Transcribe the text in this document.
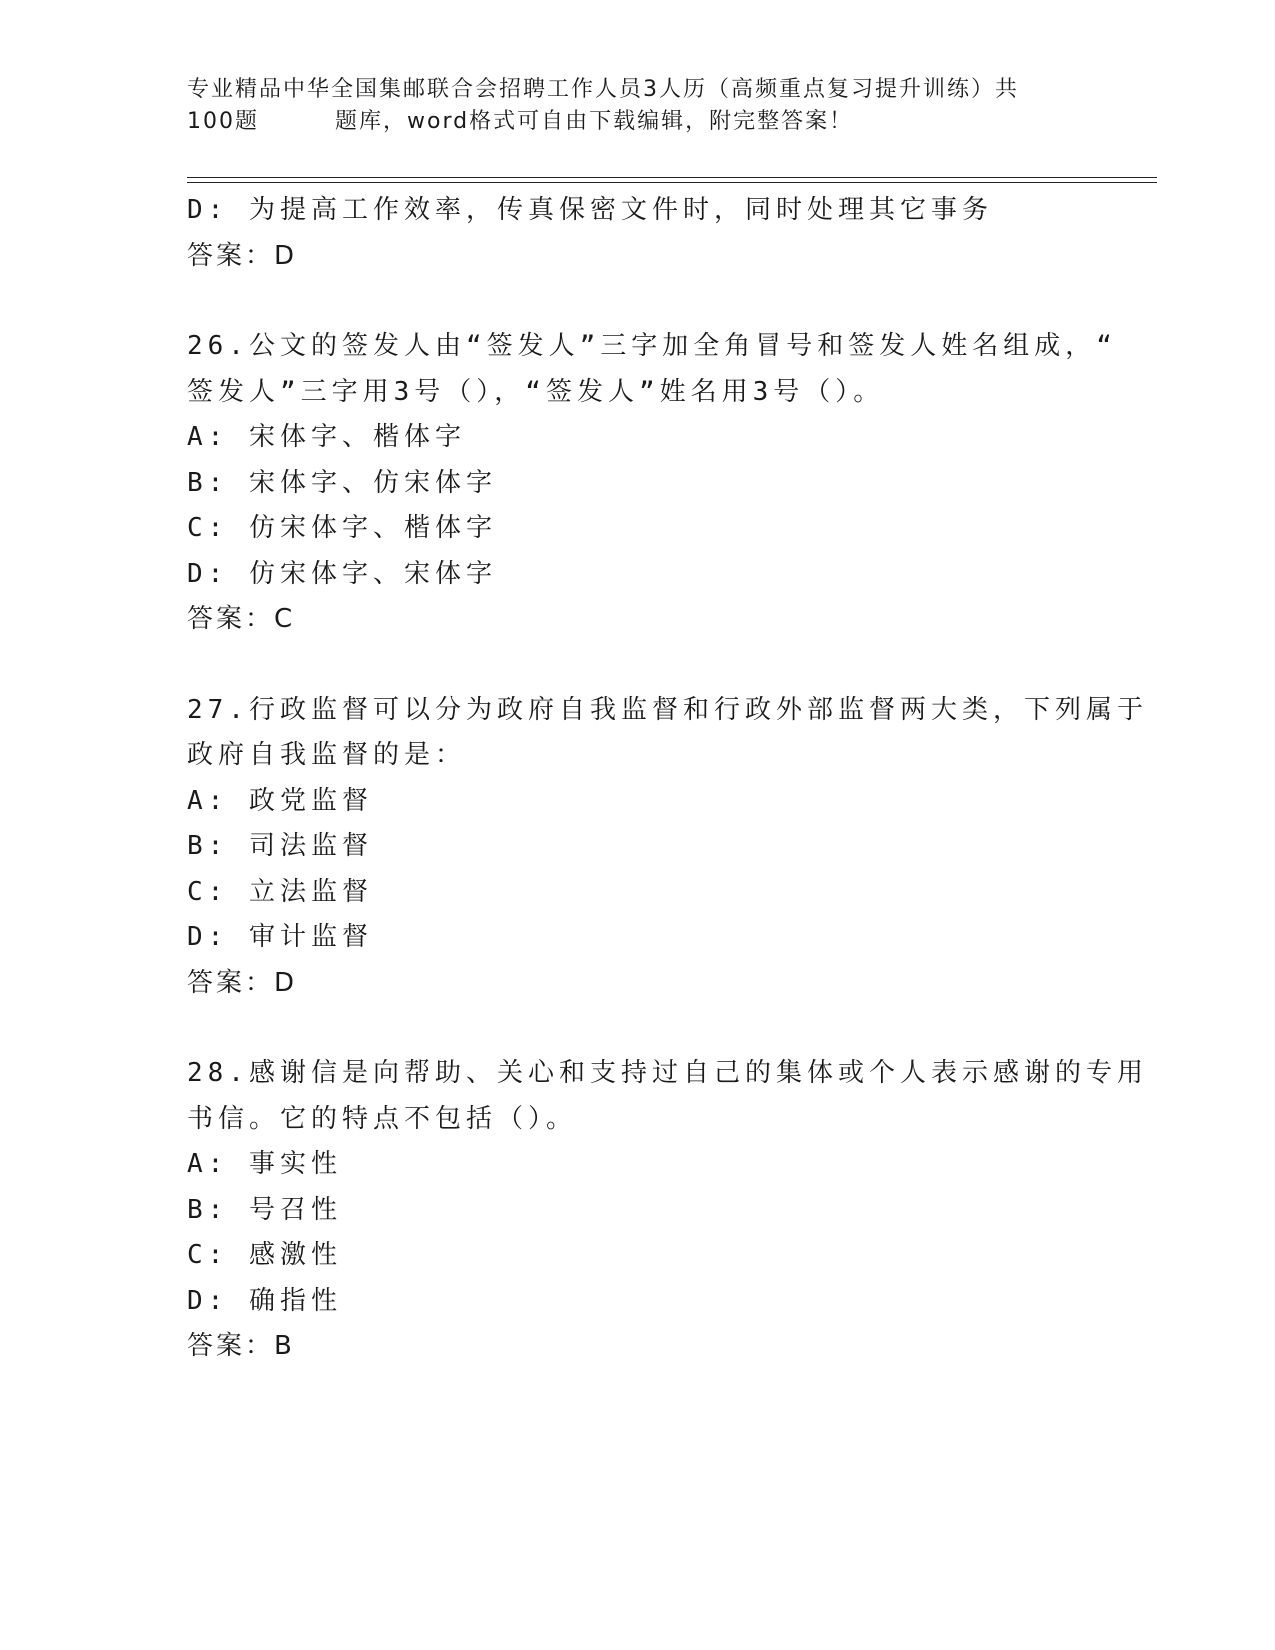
专业精品中华全国集邮联合会招聘工作人员3人历（高频重点复习提升训练）共
100题	题库，word格式可自由下载编辑，附完整答案！
D: 为提高工作效率，传真保密文件时，同时处理其它事务
答案：D
26.公文的签发人由“签发人”三字加全角冒号和签发人姓名组成，“
签发人”三字用3号（），“签发人”姓名用3号（）。
A: 宋体字、楷体字
B: 宋体字、仿宋体字
C: 仿宋体字、楷体字
D: 仿宋体字、宋体字
答案：C
27.行政监督可以分为政府自我监督和行政外部监督两大类，下列属于
政府自我监督的是：
A: 政党监督
B: 司法监督
C: 立法监督
D: 审计监督
答案：D
28.感谢信是向帮助、关心和支持过自己的集体或个人表示感谢的专用
书信。它的特点不包括（）。
A: 事实性
B: 号召性
C: 感激性
D: 确指性
答案：B
